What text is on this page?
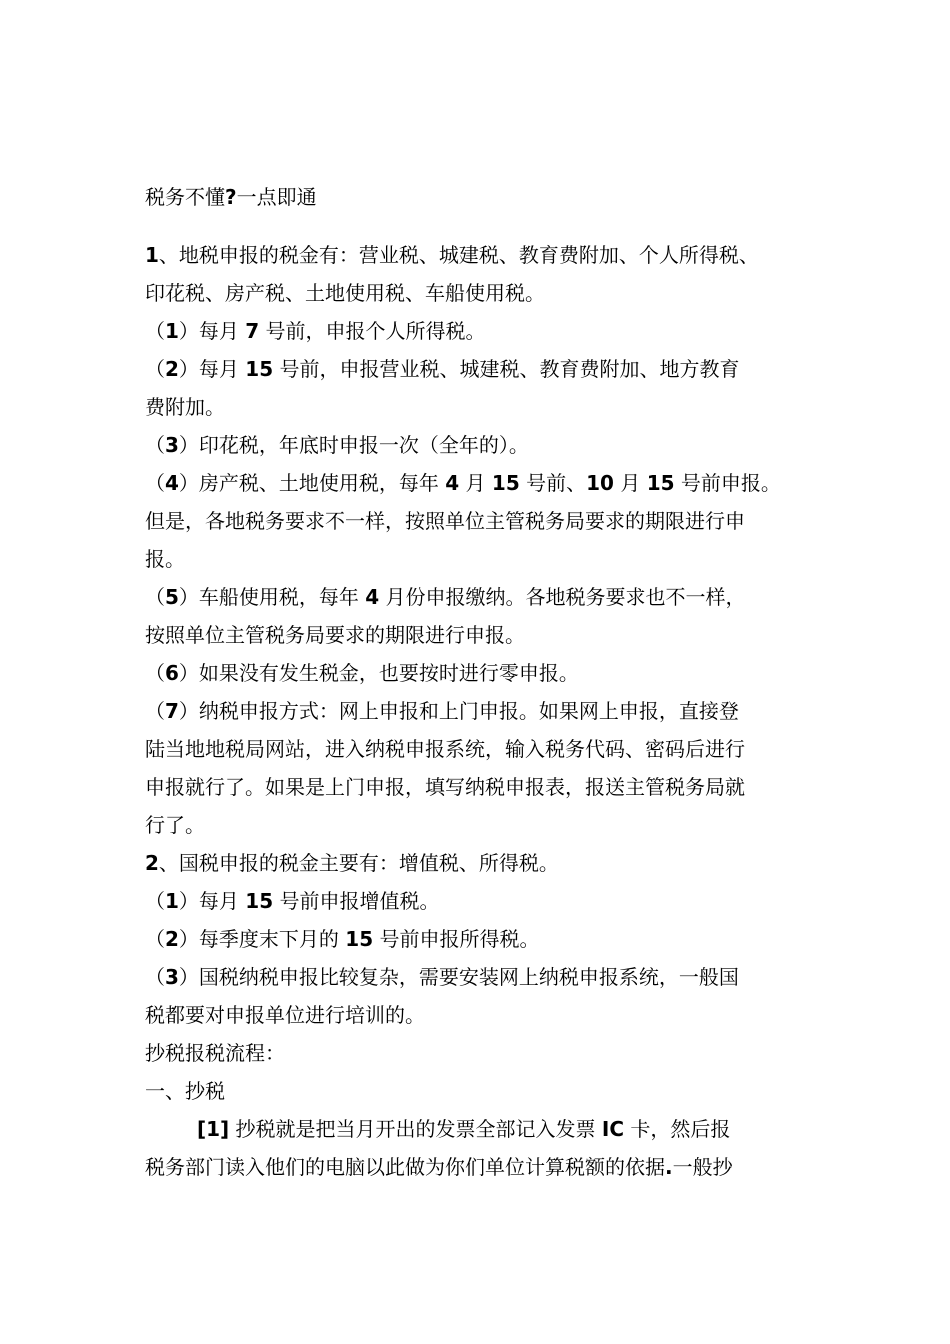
税务不懂?一点即通

1、地税申报的税金有：营业税、城建税、教育费附加、个人所得税、

印花税、房产税、土地使用税、车船使用税。

（1）每月 7 号前，申报个人所得税。

（2）每月 15 号前，申报营业税、城建税、教育费附加、地方教育

费附加。

（3）印花税，年底时申报一次（全年的）。

（4）房产税、土地使用税，每年 4 月 15 号前、10 月 15 号前申报。

但是，各地税务要求不一样，按照单位主管税务局要求的期限进行申

报。

（5）车船使用税，每年 4 月份申报缴纳。各地税务要求也不一样，

按照单位主管税务局要求的期限进行申报。

（6）如果没有发生税金，也要按时进行零申报。

（7）纳税申报方式：网上申报和上门申报。如果网上申报，直接登

陆当地地税局网站，进入纳税申报系统，输入税务代码、密码后进行

申报就行了。如果是上门申报，填写纳税申报表，报送主管税务局就

行了。

2、国税申报的税金主要有：增值税、所得税。

（1）每月 15 号前申报增值税。

（2）每季度末下月的 15 号前申报所得税。

（3）国税纳税申报比较复杂，需要安装网上纳税申报系统，一般国

税都要对申报单位进行培训的。

抄税报税流程：

一、抄税

[1] 抄税就是把当月开出的发票全部记入发票 IC 卡，然后报

税务部门读入他们的电脑以此做为你们单位计算税额的依据.一般抄
